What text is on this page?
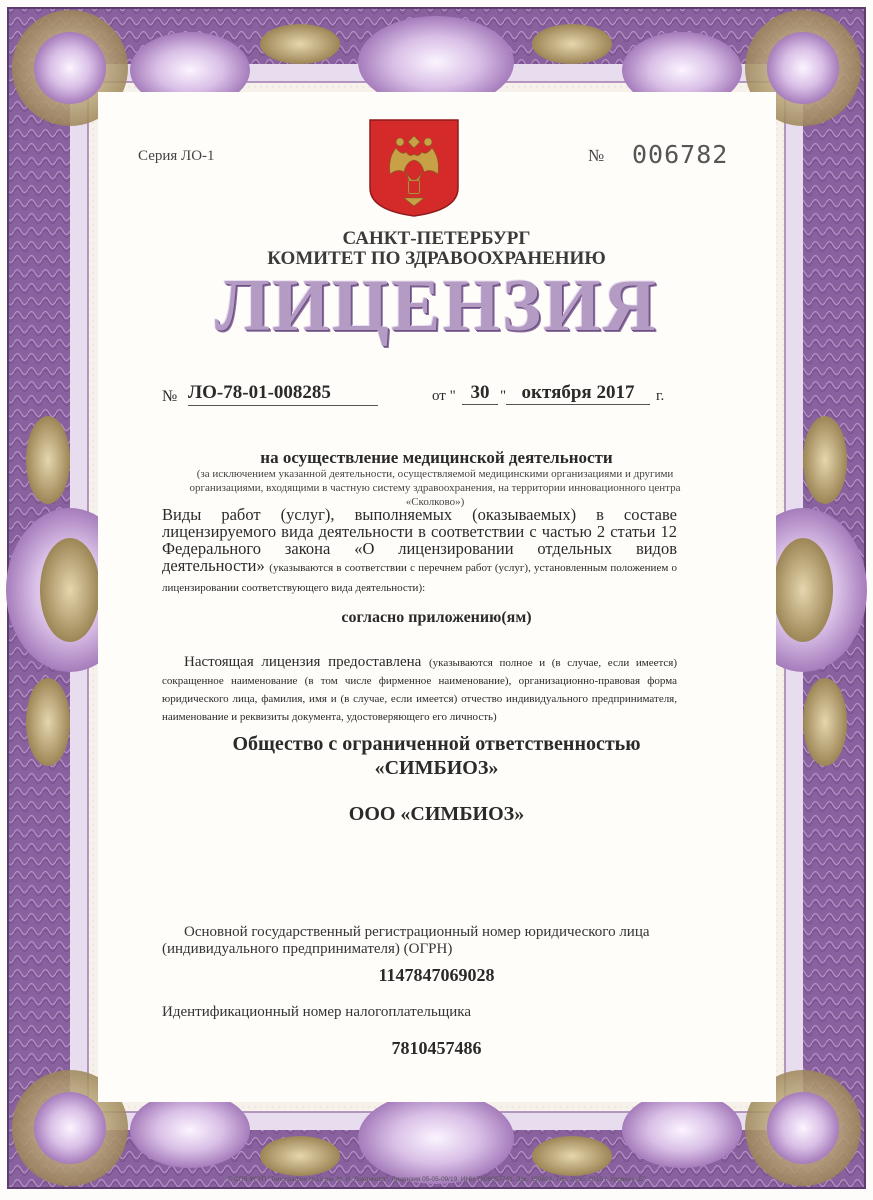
Серия ЛО-1	№ 006782
САНКТ-ПЕТЕРБУРГ
КОМИТЕТ ПО ЗДРАВООХРАНЕНИЮ
ЛИЦЕНЗИЯ
№ ЛО-78-01-008285	от " 30 " октября 2017	г.
на осуществление медицинской деятельности
(за исключением указанной деятельности, осуществляемой медицинскими организациями и другими организациями, входящими в частную систему здравоохранения, на территории инновационного центра «Сколково»)
Виды работ (услуг), выполняемых (оказываемых) в составе лицензируемого вида деятельности в соответствии с частью 2 статьи 12 Федерального закона «О лицензировании отдельных видов деятельности» (указываются в соответствии с перечнем работ (услуг), установленным положением о лицензировании соответствующего вида деятельности):
согласно приложению(ям)
Настоящая лицензия предоставлена (указываются полное и (в случае, если имеется) сокращенное наименование (в том числе фирменное наименование), организационно-правовая форма юридического лица, фамилия, имя и (в случае, если имеется) отчество индивидуального предпринимателя, наименование и реквизиты документа, удостоверяющего его личность)
Общество с ограниченной ответственностью
«СИМБИОЗ»
ООО «СИМБИОЗ»
Основной государственный регистрационный номер юридического лица (индивидуального предпринимателя) (ОГРН)
1147847069028
Идентификационный номер налогоплательщика
7810457486
© СПб ФГУП "Типография №12 им. М. И. Лоханкова". Лицензия 05-05-09/19. ИНН 7808057741. Зак. 150804. Тир. 2000. 2015 г. Уровень „Б"
